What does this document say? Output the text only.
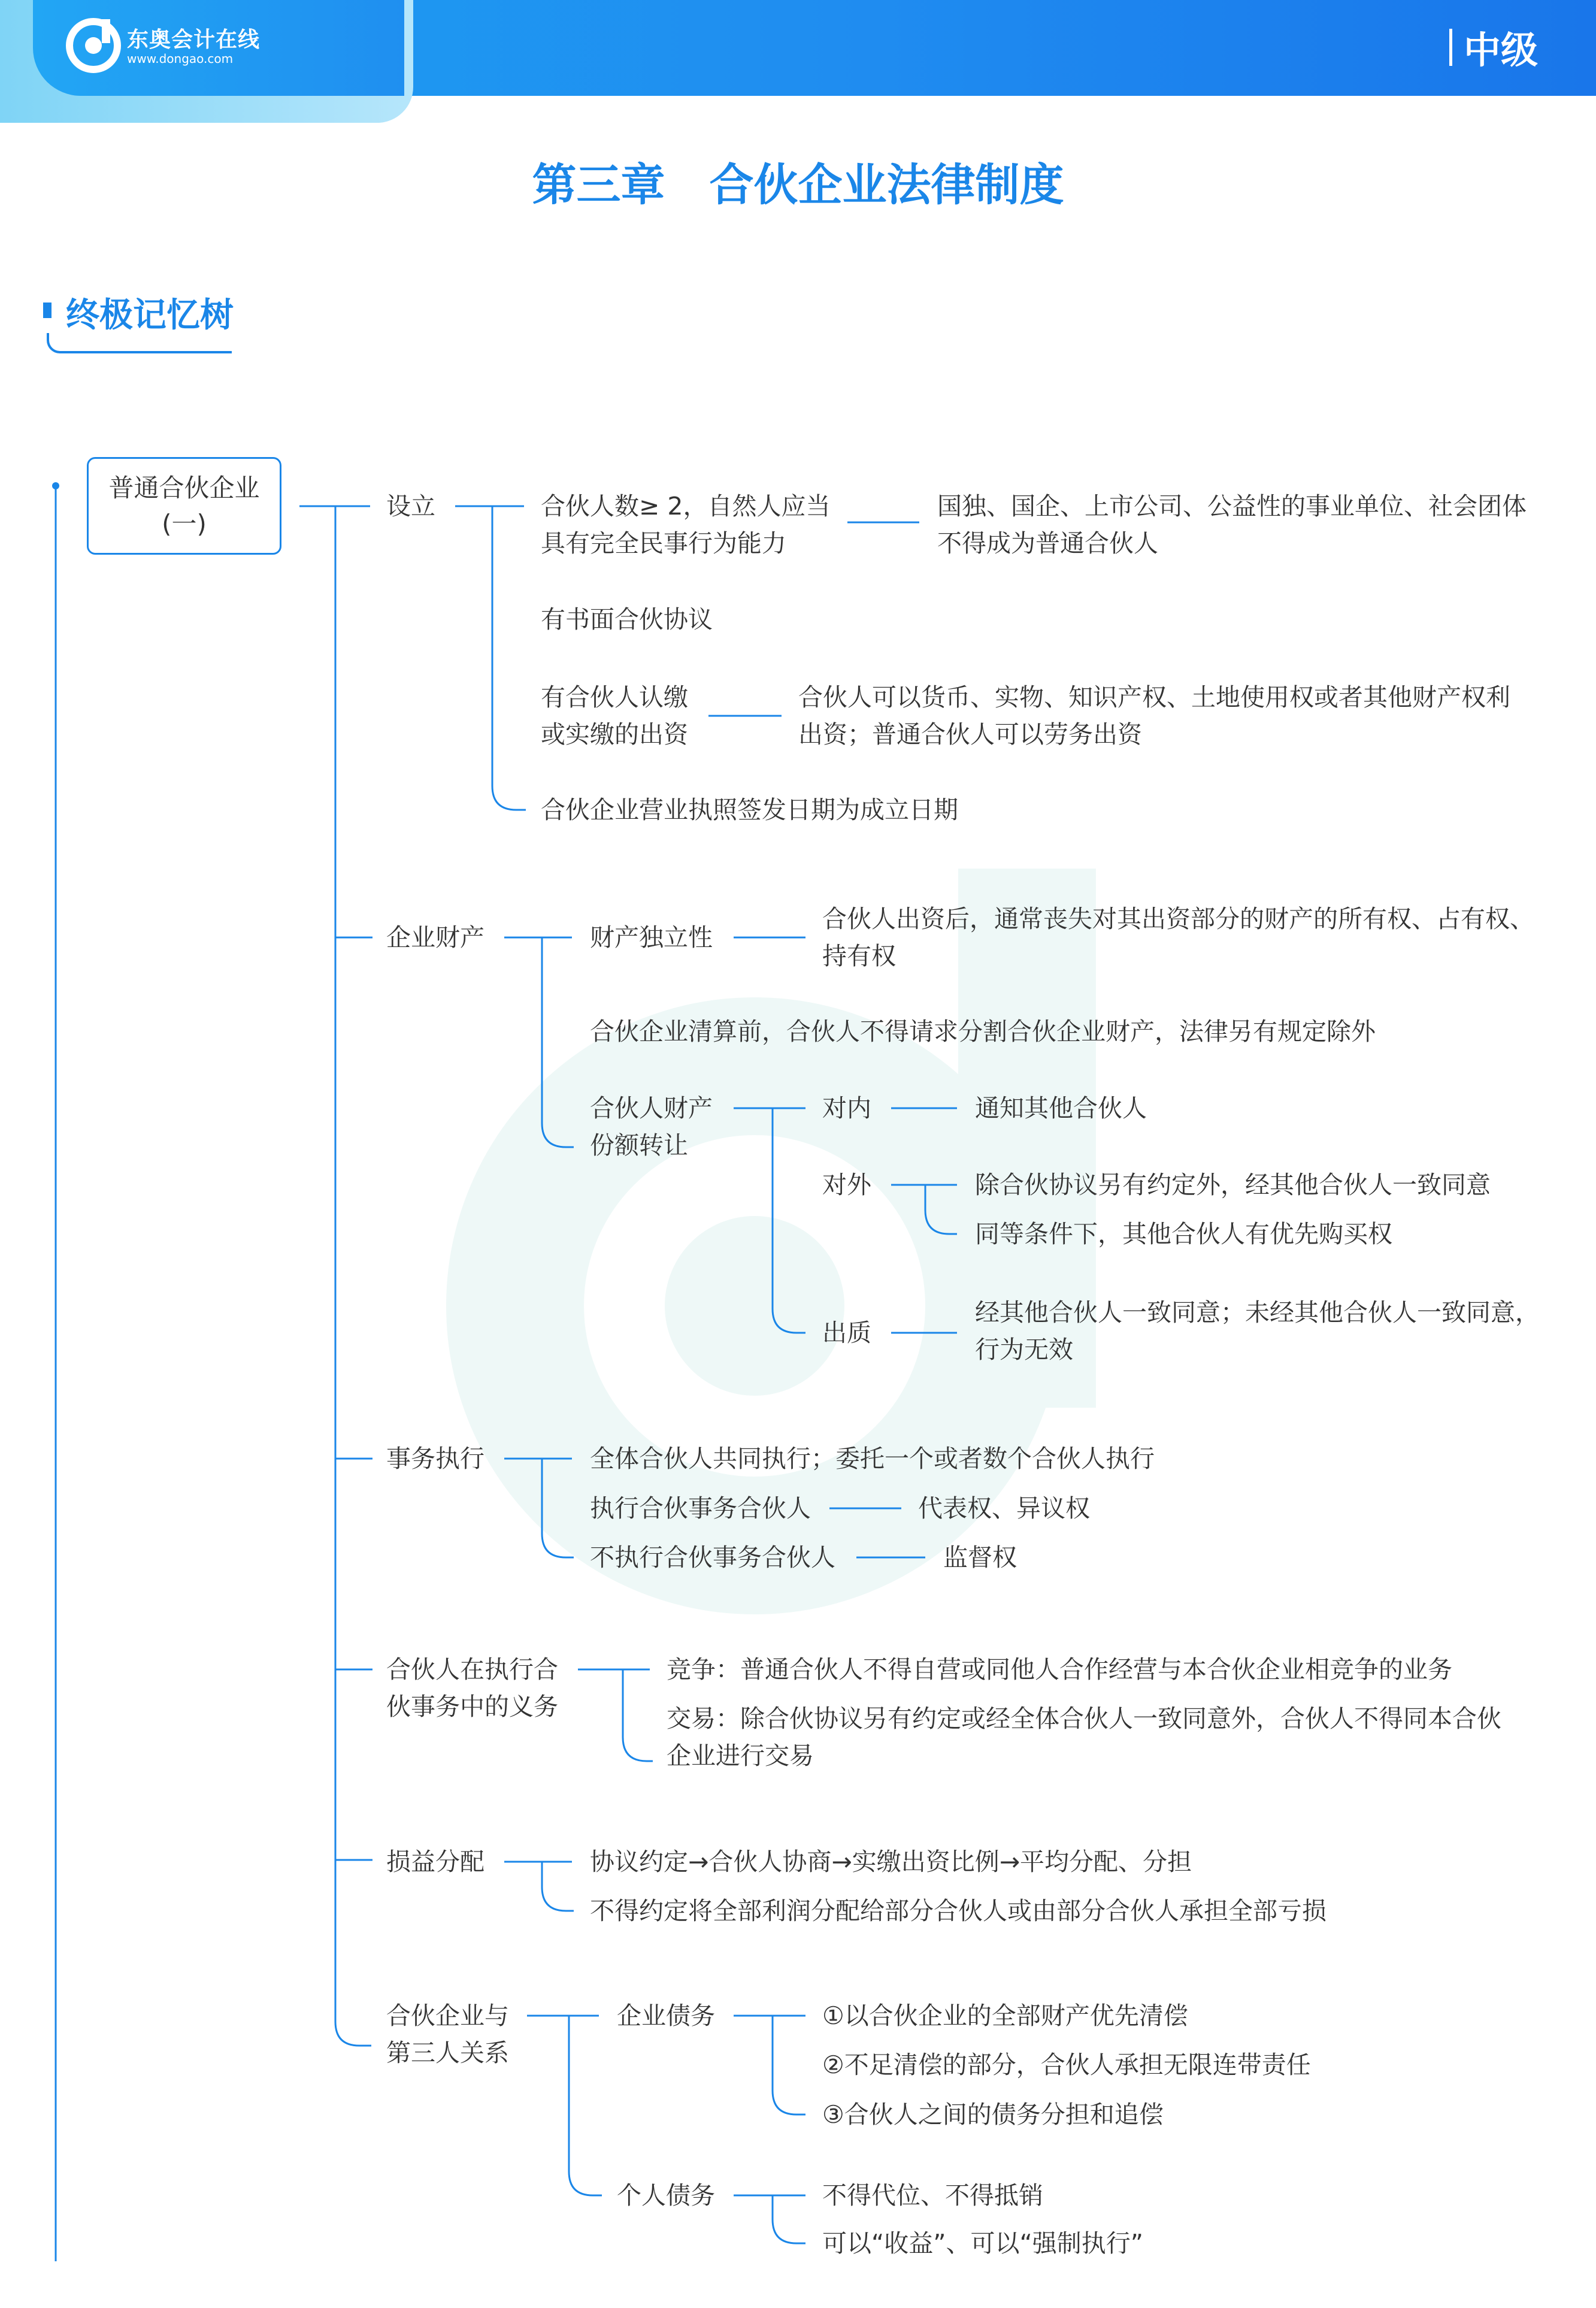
东奥会计在线
www.dongao.com	中级
第三章　合伙企业法律制度
终极记忆树
普通合伙企业
(一)
设立	合伙人数≥ 2，自然人应当
具有完全民事行为能力
国独、国企、上市公司、公益性的事业单位、社会团体
不得成为普通合伙人
有书面合伙协议
有合伙人认缴
或实缴的出资
合伙人可以货币、实物、知识产权、土地使用权或者其他财产权利
出资；普通合伙人可以劳务出资
合伙企业营业执照签发日期为成立日期
企业财产	财产独立性
合伙人出资后，通常丧失对其出资部分的财产的所有权、占有权、
持有权
合伙企业清算前，合伙人不得请求分割合伙企业财产，法律另有规定除外
合伙人财产
份额转让
对内	通知其他合伙人
对外	除合伙协议另有约定外，经其他合伙人一致同意
同等条件下，其他合伙人有优先购买权
出质
经其他合伙人一致同意；未经其他合伙人一致同意，
行为无效
事务执行	全体合伙人共同执行；委托一个或者数个合伙人执行
执行合伙事务合伙人	代表权、异议权
不执行合伙事务合伙人	监督权
合伙人在执行合
伙事务中的义务
竞争：普通合伙人不得自营或同他人合作经营与本合伙企业相竞争的业务
交易：除合伙协议另有约定或经全体合伙人一致同意外，合伙人不得同本合伙
企业进行交易
损益分配	协议约定→合伙人协商→实缴出资比例→平均分配、分担
不得约定将全部利润分配给部分合伙人或由部分合伙人承担全部亏损
合伙企业与
第三人关系
企业债务	①以合伙企业的全部财产优先清偿
②不足清偿的部分，合伙人承担无限连带责任
③合伙人之间的债务分担和追偿
个人债务	不得代位、不得抵销
可以“收益”、可以“强制执行”
